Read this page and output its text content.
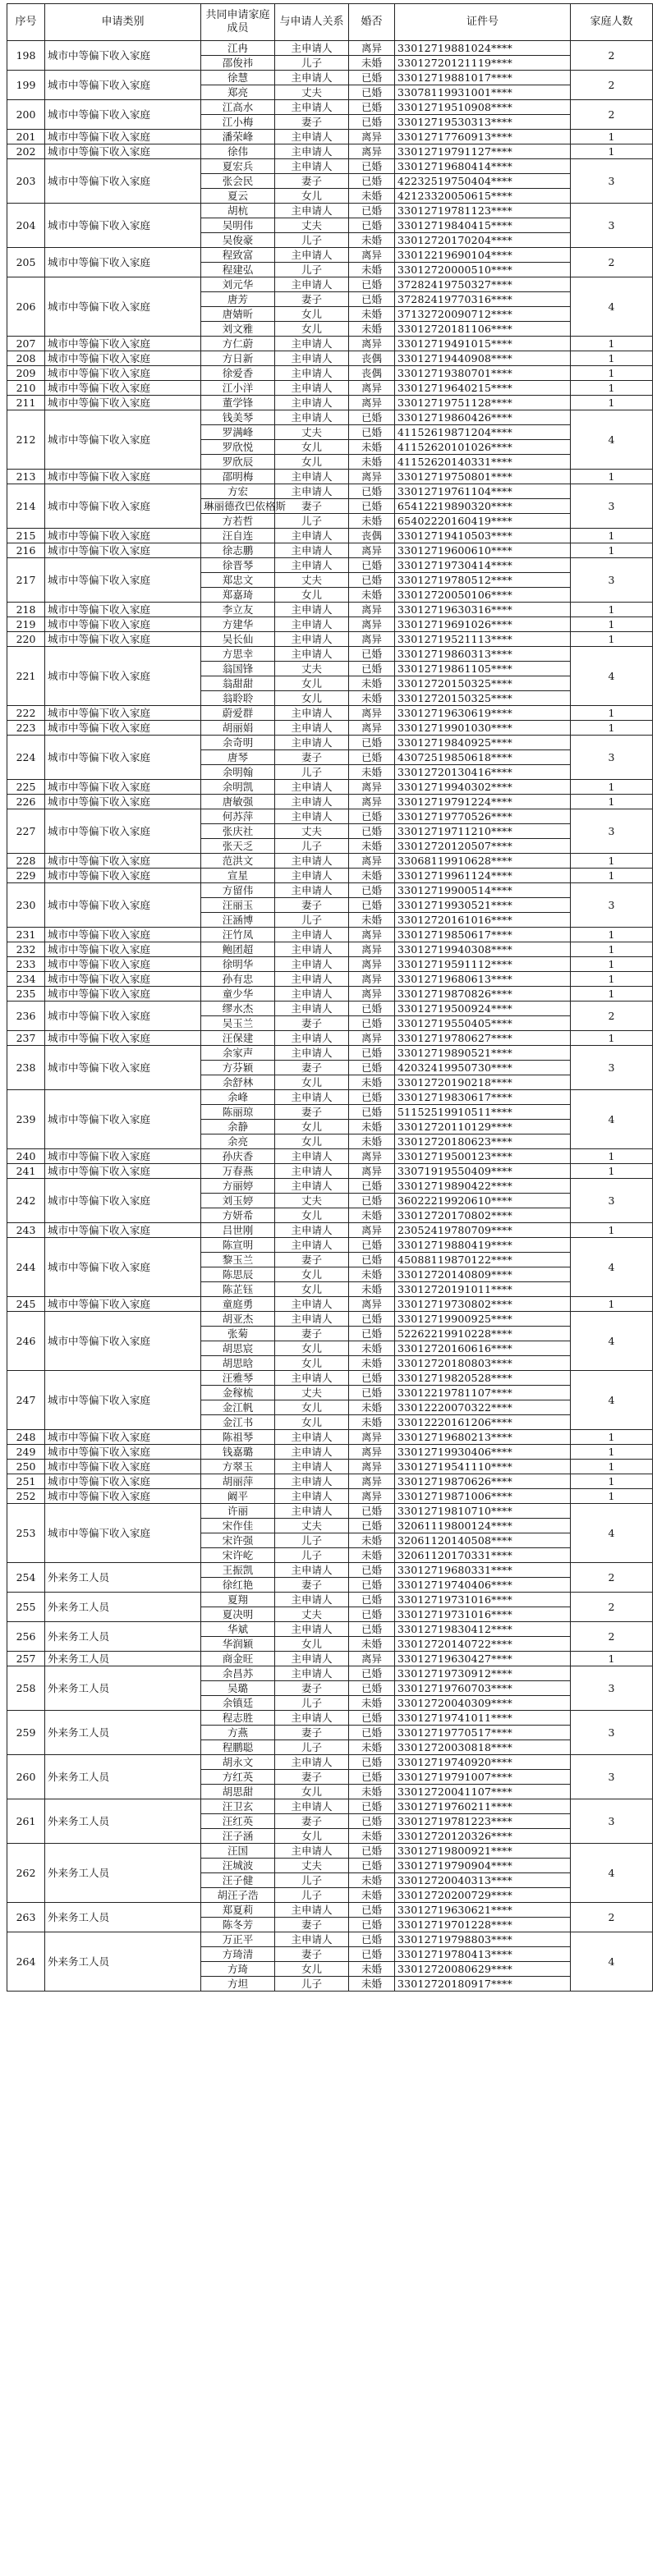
序号	申请类别	共同申请家庭成员	与申请人关系	婚否	证件号	家庭人数
198	城市中等偏下收入家庭	江冉	主申请人	离异	33012719881024****	2
		邵俊祎	儿子	未婚	33012720121119****	
199	城市中等偏下收入家庭	徐慧	主申请人	已婚	33012719881017****	2
		郑亮	丈夫	已婚	33078119931001****	
200	城市中等偏下收入家庭	江高水	主申请人	已婚	33012719510908****	2
		江小梅	妻子	已婚	33012719530313****	
201	城市中等偏下收入家庭	潘荣峰	主申请人	离异	33012717760913****	1
202	城市中等偏下收入家庭	徐伟	主申请人	离异	33012719791127****	1
203	城市中等偏下收入家庭	夏宏兵	主申请人	已婚	33012719680414****	3
		张会民	妻子	已婚	42232519750404****	
		夏云	女儿	未婚	42123320050615****	
204	城市中等偏下收入家庭	胡杭	主申请人	已婚	33012719781123****	3
		吴明伟	丈夫	已婚	33012719840415****	
		吴俊豪	儿子	未婚	33012720170204****	
205	城市中等偏下收入家庭	程致富	主申请人	离异	33012219690104****	2
		程建弘	儿子	未婚	33012720000510****	
206	城市中等偏下收入家庭	刘元华	主申请人	已婚	37282419750327****	4
		唐芳	妻子	已婚	37282419770316****	
		唐婧昕	女儿	未婚	37132720090712****	
		刘文雅	女儿	未婚	33012720181106****	
207	城市中等偏下收入家庭	方仁蔚	主申请人	离异	33012719491015****	1
208	城市中等偏下收入家庭	方日新	主申请人	丧偶	33012719440908****	1
209	城市中等偏下收入家庭	徐爱香	主申请人	丧偶	33012719380701****	1
210	城市中等偏下收入家庭	江小洋	主申请人	离异	33012719640215****	1
211	城市中等偏下收入家庭	董学锋	主申请人	离异	33012719751128****	1
212	城市中等偏下收入家庭	钱美琴	主申请人	已婚	33012719860426****	4
		罗满峰	丈夫	已婚	41152619871204****	
		罗欣悦	女儿	未婚	41152620101026****	
		罗欣辰	女儿	未婚	41152620140331****	
213	城市中等偏下收入家庭	邵明梅	主申请人	离异	33012719750801****	1
214	城市中等偏下收入家庭	方宏	主申请人	已婚	33012719761104****	3
		琳丽德孜巴依格斯	妻子	已婚	65412219890320****	
		方若哲	儿子	未婚	65402220160419****	
215	城市中等偏下收入家庭	汪自连	主申请人	丧偶	33012719410503****	1
216	城市中等偏下收入家庭	徐志鹏	主申请人	离异	33012719600610****	1
217	城市中等偏下收入家庭	徐晋琴	主申请人	已婚	33012719730414****	3
		郑忠文	丈夫	已婚	33012719780512****	
		郑嘉琦	女儿	未婚	33012720050106****	
218	城市中等偏下收入家庭	李立友	主申请人	离异	33012719630316****	1
219	城市中等偏下收入家庭	方建华	主申请人	离异	33012719691026****	1
220	城市中等偏下收入家庭	吴长仙	主申请人	离异	33012719521113****	1
221	城市中等偏下收入家庭	方思幸	主申请人	已婚	33012719860313****	4
		翁国锋	丈夫	已婚	33012719861105****	
		翁甜甜	女儿	未婚	33012720150325****	
		翁聆聆	女儿	未婚	33012720150325****	
222	城市中等偏下收入家庭	蔚爱群	主申请人	离异	33012719630619****	1
223	城市中等偏下收入家庭	胡丽娟	主申请人	离异	33012719901030****	1
224	城市中等偏下收入家庭	余奇明	主申请人	已婚	33012719840925****	3
		唐琴	妻子	已婚	43072519850618****	
		余明翰	儿子	未婚	33012720130416****	
225	城市中等偏下收入家庭	余明凯	主申请人	离异	33012719940302****	1
226	城市中等偏下收入家庭	唐敏强	主申请人	离异	33012719791224****	1
227	城市中等偏下收入家庭	何苏萍	主申请人	已婚	33012719770526****	3
		张庆社	丈夫	已婚	33012719711210****	
		张天乏	儿子	未婚	33012720120507****	
228	城市中等偏下收入家庭	范洪文	主申请人	离异	33068119910628****	1
229	城市中等偏下收入家庭	宣星	主申请人	未婚	33012719961124****	1
230	城市中等偏下收入家庭	方留伟	主申请人	已婚	33012719900514****	3
		汪丽玉	妻子	已婚	33012719930521****	
		汪涵博	儿子	未婚	33012720161016****	
231	城市中等偏下收入家庭	汪竹凤	主申请人	离异	33012719850617****	1
232	城市中等偏下收入家庭	鲍团超	主申请人	离异	33012719940308****	1
233	城市中等偏下收入家庭	徐明华	主申请人	离异	33012719591112****	1
234	城市中等偏下收入家庭	孙有忠	主申请人	离异	33012719680613****	1
235	城市中等偏下收入家庭	童少华	主申请人	离异	33012719870826****	1
236	城市中等偏下收入家庭	缪水杰	主申请人	已婚	33012719500924****	2
		吴玉兰	妻子	已婚	33012719550405****	
237	城市中等偏下收入家庭	汪保建	主申请人	离异	33012719780627****	1
238	城市中等偏下收入家庭	余家声	主申请人	已婚	33012719890521****	3
		方芬颖	妻子	已婚	42032419950730****	
		余舒林	女儿	未婚	33012720190218****	
239	城市中等偏下收入家庭	余峰	主申请人	已婚	33012719830617****	4
		陈丽琼	妻子	已婚	51152519910511****	
		余静	女儿	未婚	33012720110129****	
		余亮	女儿	未婚	33012720180623****	
240	城市中等偏下收入家庭	孙庆香	主申请人	离异	33012719500123****	1
241	城市中等偏下收入家庭	万春燕	主申请人	离异	33071919550409****	1
242	城市中等偏下收入家庭	方丽婷	主申请人	已婚	33012719890422****	3
		刘玉婷	丈夫	已婚	36022219920610****	
		方妍希	女儿	未婚	33012720170802****	
243	城市中等偏下收入家庭	吕世刚	主申请人	离异	23052419780709****	1
244	城市中等偏下收入家庭	陈宣明	主申请人	已婚	33012719880419****	4
		黎玉兰	妻子	已婚	45088119870122****	
		陈思辰	女儿	未婚	33012720140809****	
		陈芷钰	女儿	未婚	33012720191011****	
245	城市中等偏下收入家庭	童庭勇	主申请人	离异	33012719730802****	1
246	城市中等偏下收入家庭	胡亚杰	主申请人	已婚	33012719900925****	4
		张菊	妻子	已婚	52262219910228****	
		胡思宸	女儿	未婚	33012720160616****	
		胡思晗	女儿	未婚	33012720180803****	
247	城市中等偏下收入家庭	汪雅琴	主申请人	已婚	33012719820528****	4
		金稼梳	丈夫	已婚	33012219781107****	
		金江帆	女儿	未婚	33012220070322****	
		金江书	女儿	未婚	33012220161206****	
248	城市中等偏下收入家庭	陈祖琴	主申请人	离异	33012719680213****	1
249	城市中等偏下收入家庭	钱嘉璐	主申请人	离异	33012719930406****	1
250	城市中等偏下收入家庭	方翠玉	主申请人	离异	33012719541110****	1
251	城市中等偏下收入家庭	胡丽萍	主申请人	离异	33012719870626****	1
252	城市中等偏下收入家庭	阚平	主申请人	离异	33012719871006****	1
253	城市中等偏下收入家庭	许丽	主申请人	已婚	33012719810710****	4
		宋作佳	丈夫	已婚	32061119800124****	
		宋许强	儿子	未婚	32061120140508****	
		宋许屹	儿子	未婚	32061120170331****	
254	外来务工人员	王振凯	主申请人	已婚	33012719680331****	2
		徐红艳	妻子	已婚	33012719740406****	
255	外来务工人员	夏翔	主申请人	已婚	33012719731016****	2
		夏决明	丈夫	已婚	33012719731016****	
256	外来务工人员	华斌	主申请人	已婚	33012719830412****	2
		华润颖	女儿	未婚	33012720140722****	
257	外来务工人员	商金旺	主申请人	离异	33012719630427****	1
258	外来务工人员	余昌苏	主申请人	已婚	33012719730912****	3
		吴璐	妻子	已婚	33012719760703****	
		余镇廷	儿子	未婚	33012720040309****	
259	外来务工人员	程志胜	主申请人	已婚	33012719741011****	3
		方燕	妻子	已婚	33012719770517****	
		程鹏聪	儿子	未婚	33012720030818****	
260	外来务工人员	胡永文	主申请人	已婚	33012719740920****	3
		方红英	妻子	已婚	33012719791007****	
		胡思甜	女儿	未婚	33012720041107****	
261	外来务工人员	汪卫玄	主申请人	已婚	33012719760211****	3
		汪红英	妻子	已婚	33012719781223****	
		汪子涵	女儿	未婚	33012720120326****	
262	外来务工人员	汪国	主申请人	已婚	33012719800921****	4
		汪城波	丈夫	已婚	33012719790904****	
		汪子健	儿子	未婚	33012720040313****	
		胡汪子浩	儿子	未婚	33012720200729****	
263	外来务工人员	郑夏莉	主申请人	已婚	33012719630621****	2
		陈冬芳	妻子	已婚	33012719701228****	
264	外来务工人员	万正平	主申请人	已婚	33012719798803****	4
		方琦清	妻子	已婚	33012719780413****	
		方琦	女儿	未婚	33012720080629****	
		方坦	儿子	未婚	33012720180917****	
